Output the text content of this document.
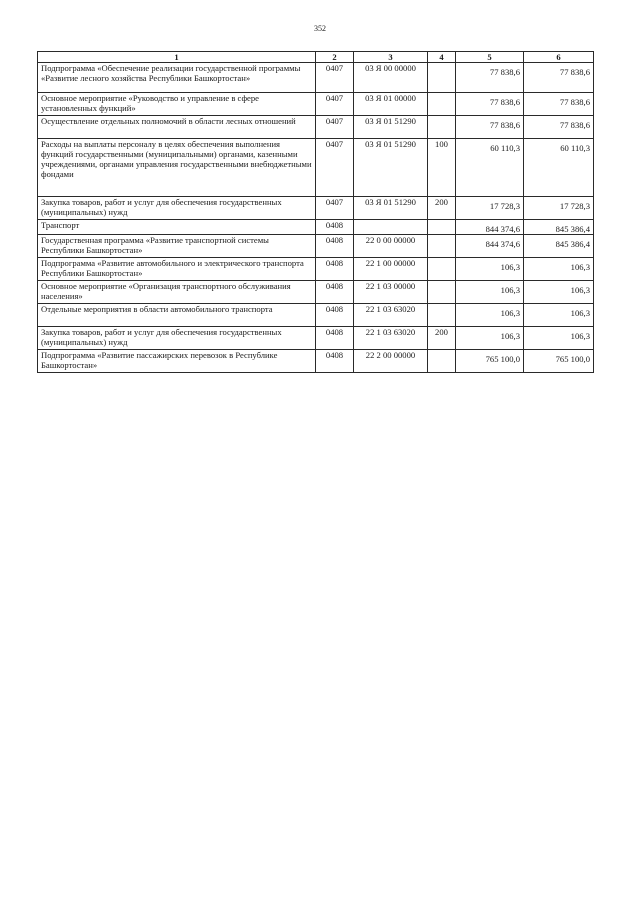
352
1	2	3	4	5	6
Подпрограмма «Обеспечение реализации государственной программы «Развитие лесного хозяйства Республики Башкортостан»	0407	03 Я 00 00000		77 838,6	77 838,6
Основное мероприятие «Руководство и управление в сфере установленных функций»	0407	03 Я 01 00000		77 838,6	77 838,6
Осуществление отдельных полномочий в области лесных отношений	0407	03 Я 01 51290		77 838,6	77 838,6
Расходы на выплаты персоналу в целях обеспечения выполнения функций государственными (муниципальными) органами, казенными учреждениями, органами управления государственными внебюджетными фондами	0407	03 Я 01 51290	100	60 110,3	60 110,3
Закупка товаров, работ и услуг для обеспечения государственных (муниципальных) нужд	0407	03 Я 01 51290	200	17 728,3	17 728,3
Транспорт	0408			844 374,6	845 386,4
Государственная программа «Развитие транспортной системы Республики Башкортостан»	0408	22 0 00 00000		844 374,6	845 386,4
Подпрограмма «Развитие автомобильного и электрического транспорта Республики Башкортостан»	0408	22 1 00 00000		106,3	106,3
Основное мероприятие «Организация транспортного обслуживания населения»	0408	22 1 03 00000		106,3	106,3
Отдельные мероприятия в области автомобильного транспорта	0408	22 1 03 63020		106,3	106,3
Закупка товаров, работ и услуг для обеспечения государственных (муниципальных) нужд	0408	22 1 03 63020	200	106,3	106,3
Подпрограмма «Развитие пассажирских перевозок в Республике Башкортостан»	0408	22 2 00 00000		765 100,0	765 100,0
